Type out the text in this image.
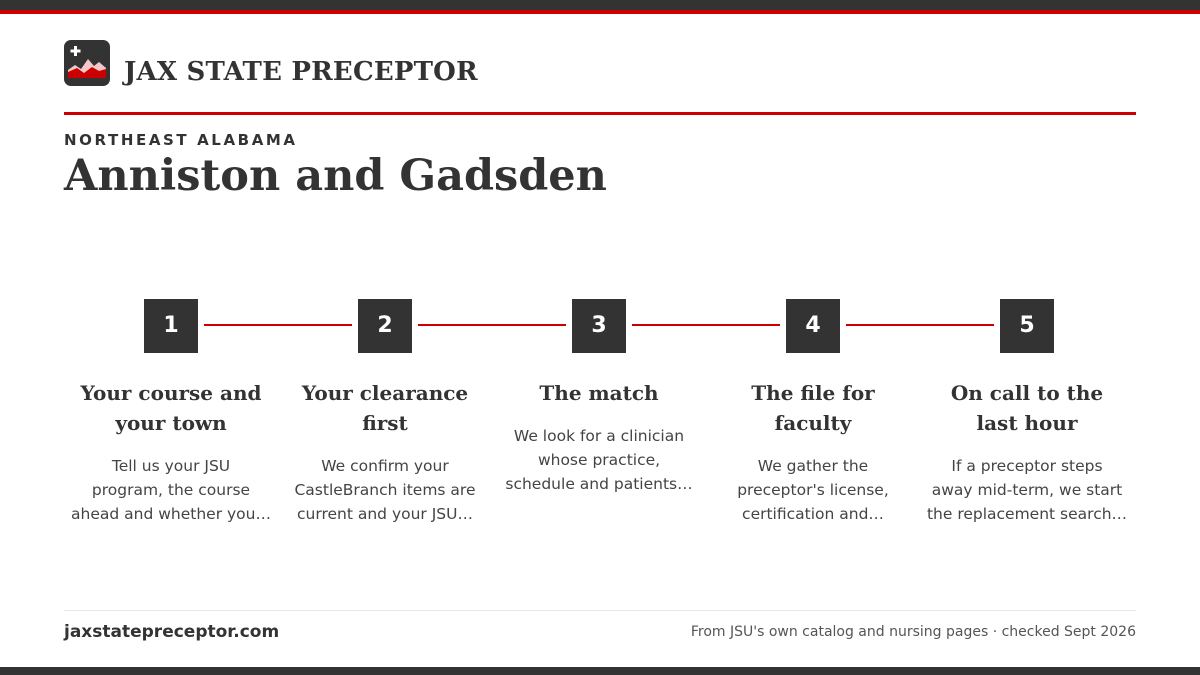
JAX STATE PRECEPTOR
NORTHEAST ALABAMA
Anniston and Gadsden
1
Your course and
your town
Tell us your JSU
program, the course
ahead and whether you…
2
Your clearance
first
We confirm your
CastleBranch items are
current and your JSU…
3
The match
We look for a clinician
whose practice,
schedule and patients…
4
The file for
faculty
We gather the
preceptor's license,
certification and…
5
On call to the
last hour
If a preceptor steps
away mid-term, we start
the replacement search…
jaxstatepreceptor.com	From JSU's own catalog and nursing pages · checked Sept 2026
